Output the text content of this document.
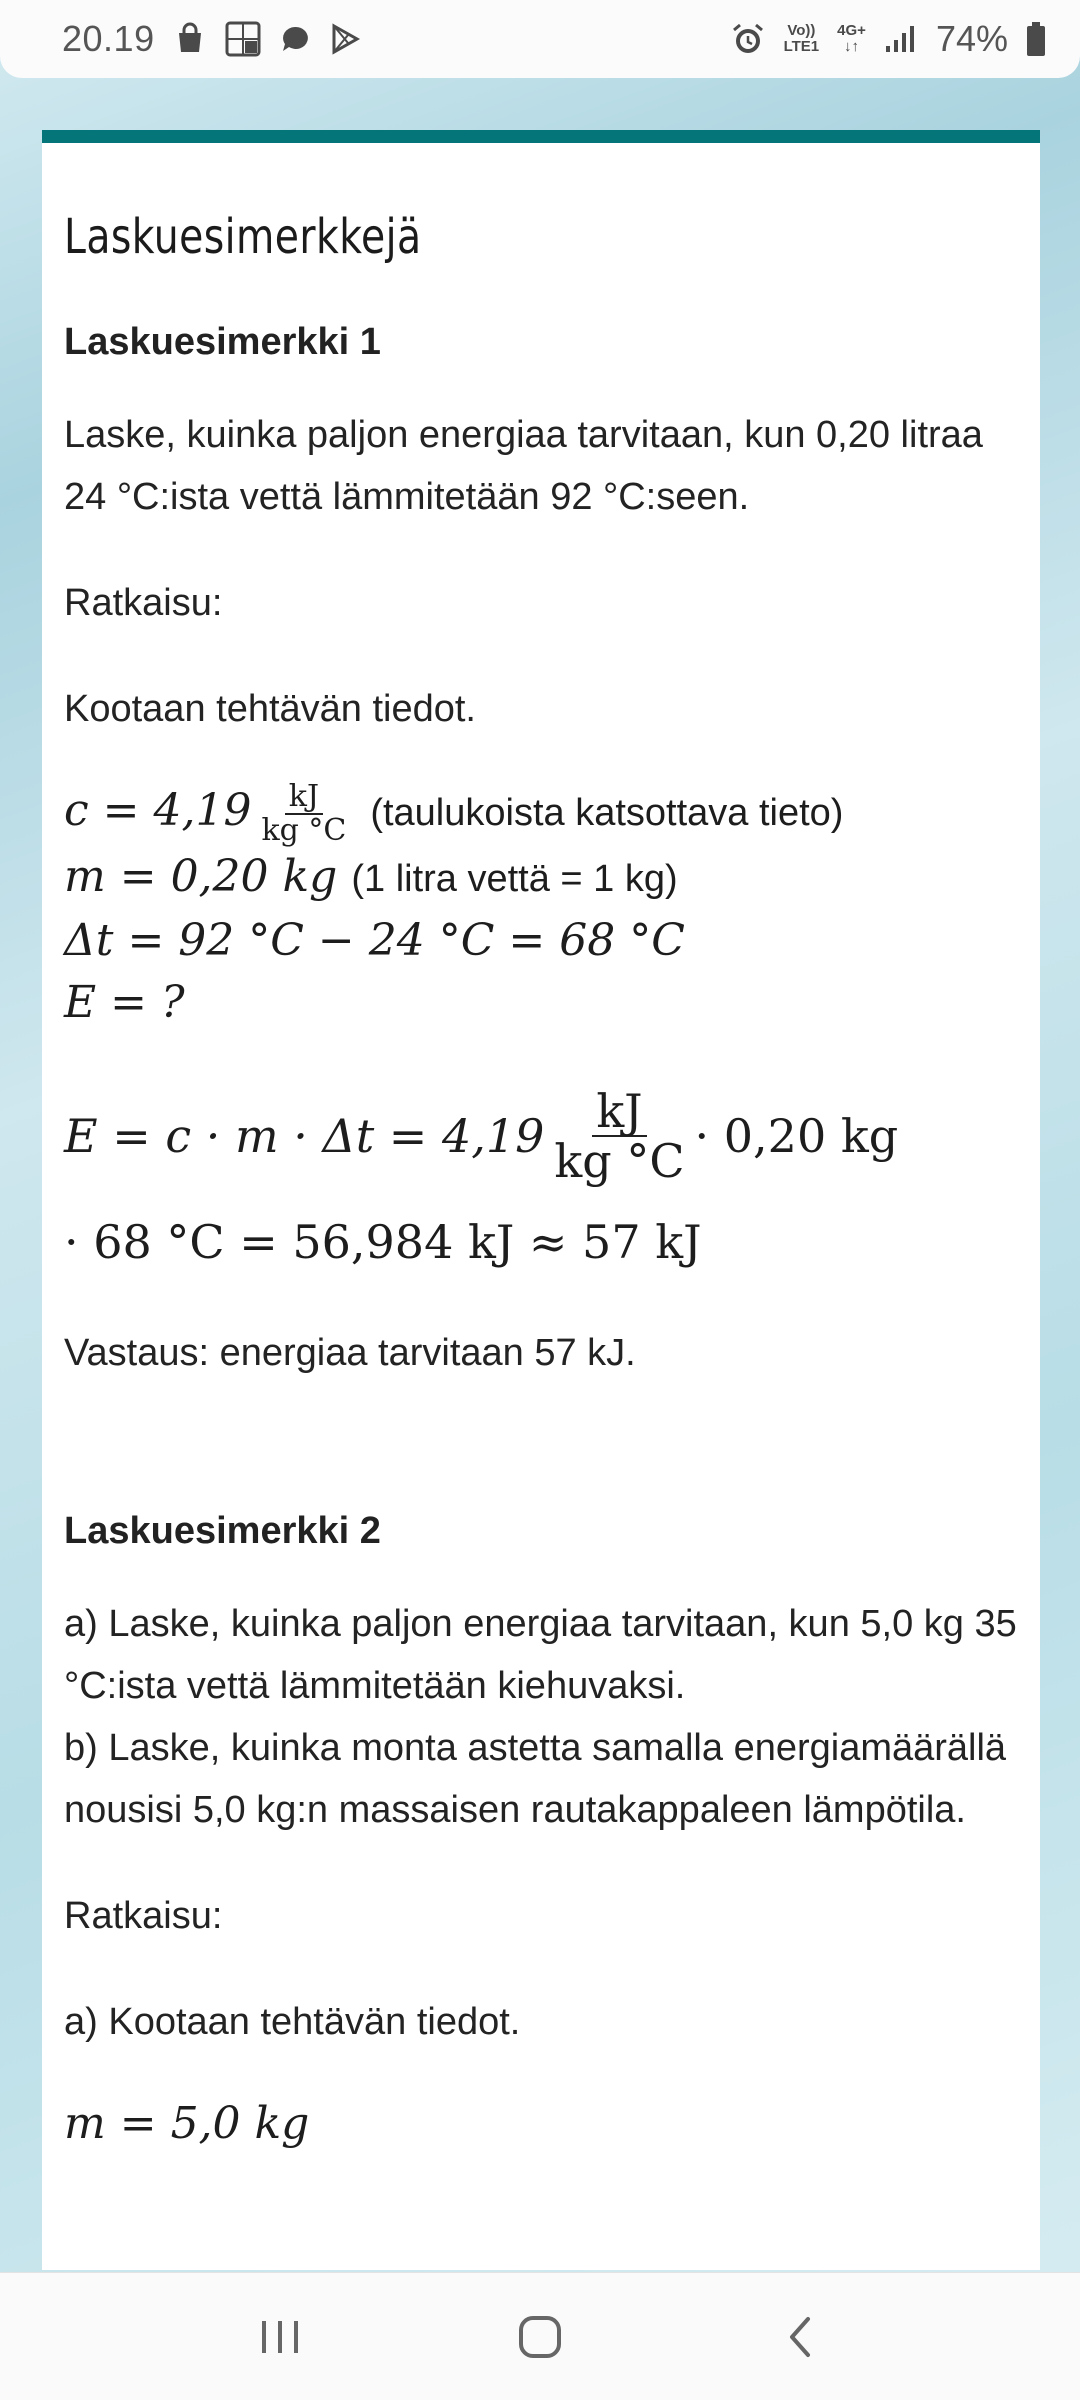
20.19	Vo))
LTE1
4G+
↓↑ 74%
Laskuesimerkkejä
Laskuesimerkki 1

Laske, kuinka paljon energiaa tarvitaan, kun 0,20 litraa 24 °C:ista vettä lämmitetään 92 °C:seen.

Ratkaisu:

Kootaan tehtävän tiedot.

$c = 4,19 \frac{kJ}{kg ^\circ C}$ (taulukoista katsottava tieto)
m = 0,20 kg (1 litra vettä = 1 kg)
Δt = 92 °C − 24 °C = 68 °C
E = ?
$E = c \cdot m \cdot \Delta t = 4,19 \frac{kJ}{kg ^\circ C} \cdot 0,20$ kg
· 68 °C = 56,984 kJ ≈ 57 kJ

Vastaus: energiaa tarvitaan 57 kJ.

Laskuesimerkki 2

a) Laske, kuinka paljon energiaa tarvitaan, kun 5,0 kg 35 °C:ista vettä lämmitetään kiehuvaksi.

b) Laske, kuinka monta astetta samalla energiamäärällä nousisi 5,0 kg:n massaisen rautakappaleen lämpötila.

Ratkaisu:

a) Kootaan tehtävän tiedot.

m = 5,0 kg
